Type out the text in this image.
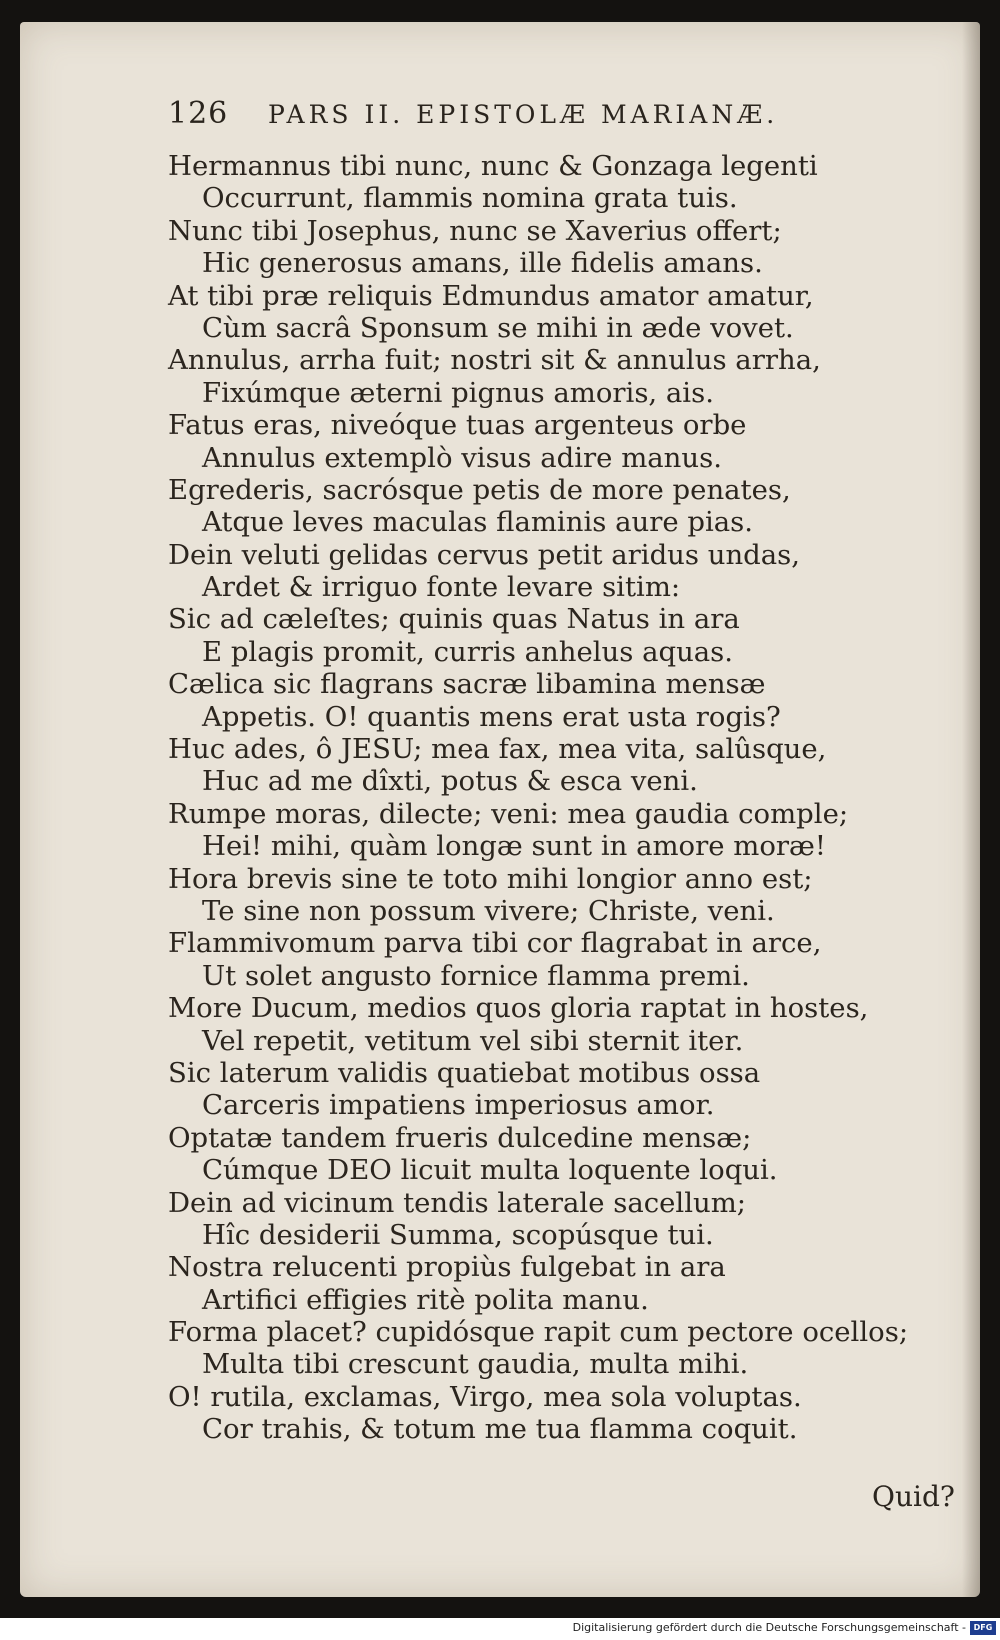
126 PARS II. EPISTOLÆ MARIANÆ.
Hermannus tibi nunc, nunc & Gonzaga legenti
Occurrunt, flammis nomina grata tuis.
Nunc tibi Josephus, nunc se Xaverius offert;
Hic generosus amans, ille fidelis amans.
At tibi præ reliquis Edmundus amator amatur,
Cùm sacrâ Sponsum se mihi in æde vovet.
Annulus, arrha fuit; nostri sit & annulus arrha,
Fixúmque æterni pignus amoris, ais.
Fatus eras, niveóque tuas argenteus orbe
Annulus extemplò visus adire manus.
Egrederis, sacrósque petis de more penates,
Atque leves maculas flaminis aure pias.
Dein veluti gelidas cervus petit aridus undas,
Ardet & irriguo fonte levare sitim:
Sic ad cæleſtes; quinis quas Natus in ara
E plagis promit, curris anhelus aquas.
Cælica sic flagrans sacræ libamina mensæ
Appetis. O! quantis mens erat usta rogis?
Huc ades, ô JESU; mea fax, mea vita, salûsque,
Huc ad me dîxti, potus & esca veni.
Rumpe moras, dilecte; veni: mea gaudia comple;
Hei! mihi, quàm longæ sunt in amore moræ!
Hora brevis sine te toto mihi longior anno est;
Te sine non possum vivere; Christe, veni.
Flammivomum parva tibi cor flagrabat in arce,
Ut solet angusto fornice flamma premi.
More Ducum, medios quos gloria raptat in hostes,
Vel repetit, vetitum vel sibi sternit iter.
Sic laterum validis quatiebat motibus ossa
Carceris impatiens imperiosus amor.
Optatæ tandem frueris dulcedine mensæ;
Cúmque DEO licuit multa loquente loqui.
Dein ad vicinum tendis laterale sacellum;
Hîc desiderii Summa, scopúsque tui.
Nostra relucenti propiùs fulgebat in ara
Artifici effigies ritè polita manu.
Forma placet? cupidósque rapit cum pectore ocellos;
Multa tibi crescunt gaudia, multa mihi.
O! rutila, exclamas, Virgo, mea sola voluptas.
Cor trahis, & totum me tua flamma coquit.
Quid?
Digitalisierung gefördert durch die Deutsche Forschungsgemeinschaft - DFG
